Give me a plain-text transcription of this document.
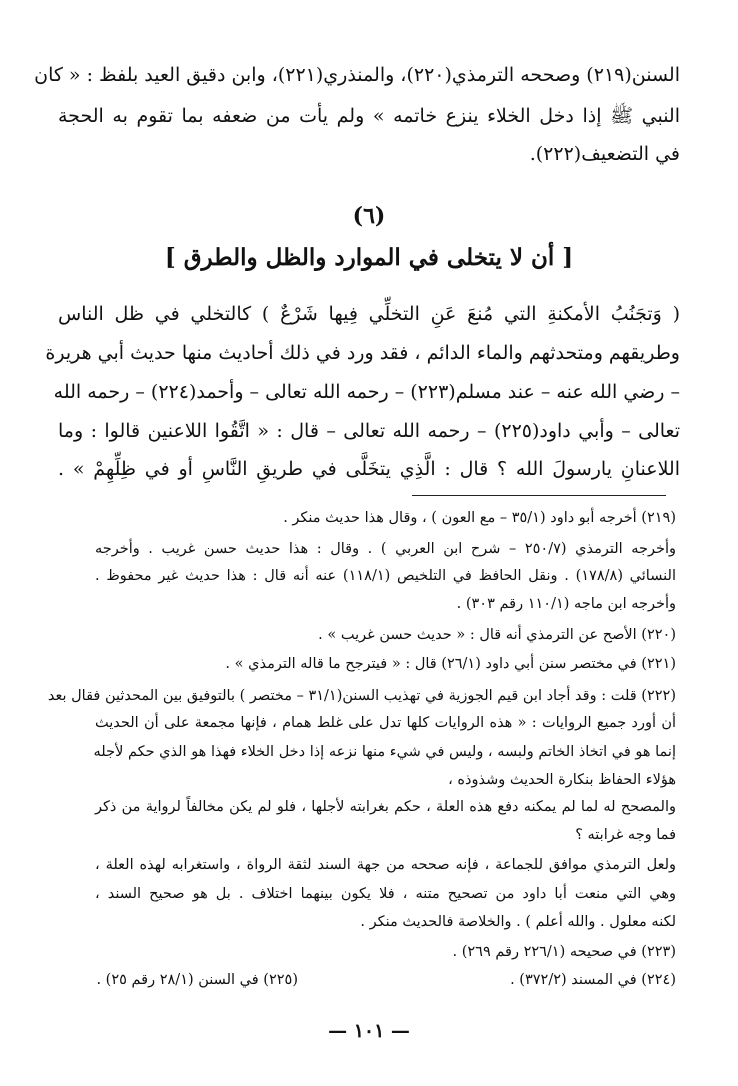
السنن(٢١٩) وصححه الترمذي(٢٢٠)، والمنذري(٢٢١)، وابن دقيق العيد بلفظ : « كان

النبي ﷺ إذا دخل الخلاء ينزع خاتمه » ولم يأت من ضعفه بما تقوم به الحجة

في التضعيف(٢٢٢).

(٦)

[ أن لا يتخلى في الموارد والظل والطرق ]

( وَتجَنُبُ الأمكنةِ التي مُنعَ عَنِ التخلِّي فِيها شَرْعٌ ) كالتخلي في ظل الناس

وطريقهم ومتحدثهم والماء الدائم ، فقد ورد في ذلك أحاديث منها حديث أبي هريرة

– رضي الله عنه – عند مسلم(٢٢٣) – رحمه الله تعالى – وأحمد(٢٢٤) – رحمه الله

تعالى – وأبي داود(٢٢٥) – رحمه الله تعالى – قال : « اتَّقُوا اللاعنين قالوا : وما

اللاعنانِ يارسولَ الله ؟ قال : الَّذِي يتخَلَّى في طريقِ النَّاسِ أو في ظِلِّهِمْ » .

(٢١٩) أخرجه أبو داود (٣٥/١ – مع العون ) ، وقال هذا حديث منكر .

وأخرجه الترمذي (٢٥٠/٧ – شرح ابن العربي ) . وقال : هذا حديث حسن غريب . وأخرجه

النسائي (١٧٨/٨) . ونقل الحافظ في التلخيص (١١٨/١) عنه أنه قال : هذا حديث غير محفوظ .

وأخرجه ابن ماجه (١١٠/١ رقم ٣٠٣) .

(٢٢٠) الأصح عن الترمذي أنه قال : « حديث حسن غريب » .

(٢٢١) في مختصر سنن أبي داود (٢٦/١) قال : « فيترجح ما قاله الترمذي » .

(٢٢٢) قلت : وقد أجاد ابن قيم الجوزية في تهذيب السنن(٣١/١ – مختصر ) بالتوفيق بين المحدثين فقال بعد

أن أورد جميع الروايات : « هذه الروايات كلها تدل على غلط همام ، فإنها مجمعة على أن الحديث

إنما هو في اتخاذ الخاتم ولبسه ، وليس في شيء منها نزعه إذا دخل الخلاء فهذا هو الذي حكم لأجله

هؤلاء الحفاظ بنكارة الحديث وشذوذه ،

والمصحح له لما لم يمكنه دفع هذه العلة ، حكم بغرابته لأجلها ، فلو لم يكن مخالفاً لرواية من ذكر

فما وجه غرابته ؟

ولعل الترمذي موافق للجماعة ، فإنه صححه من جهة السند لثقة الرواة ، واستغرابه لهذه العلة ،

وهي التي منعت أبا داود من تصحيح متنه ، فلا يكون بينهما اختلاف . بل هو صحيح السند ،

لكنه معلول . والله أعلم ) . والخلاصة فالحديث منكر .

(٢٢٣) في صحيحه (٢٢٦/١ رقم ٢٦٩) .

(٢٢٤) في المسند (٣٧٢/٢) .

(٢٢٥) في السنن (٢٨/١ رقم ٢٥) .

— ١٠١ —
